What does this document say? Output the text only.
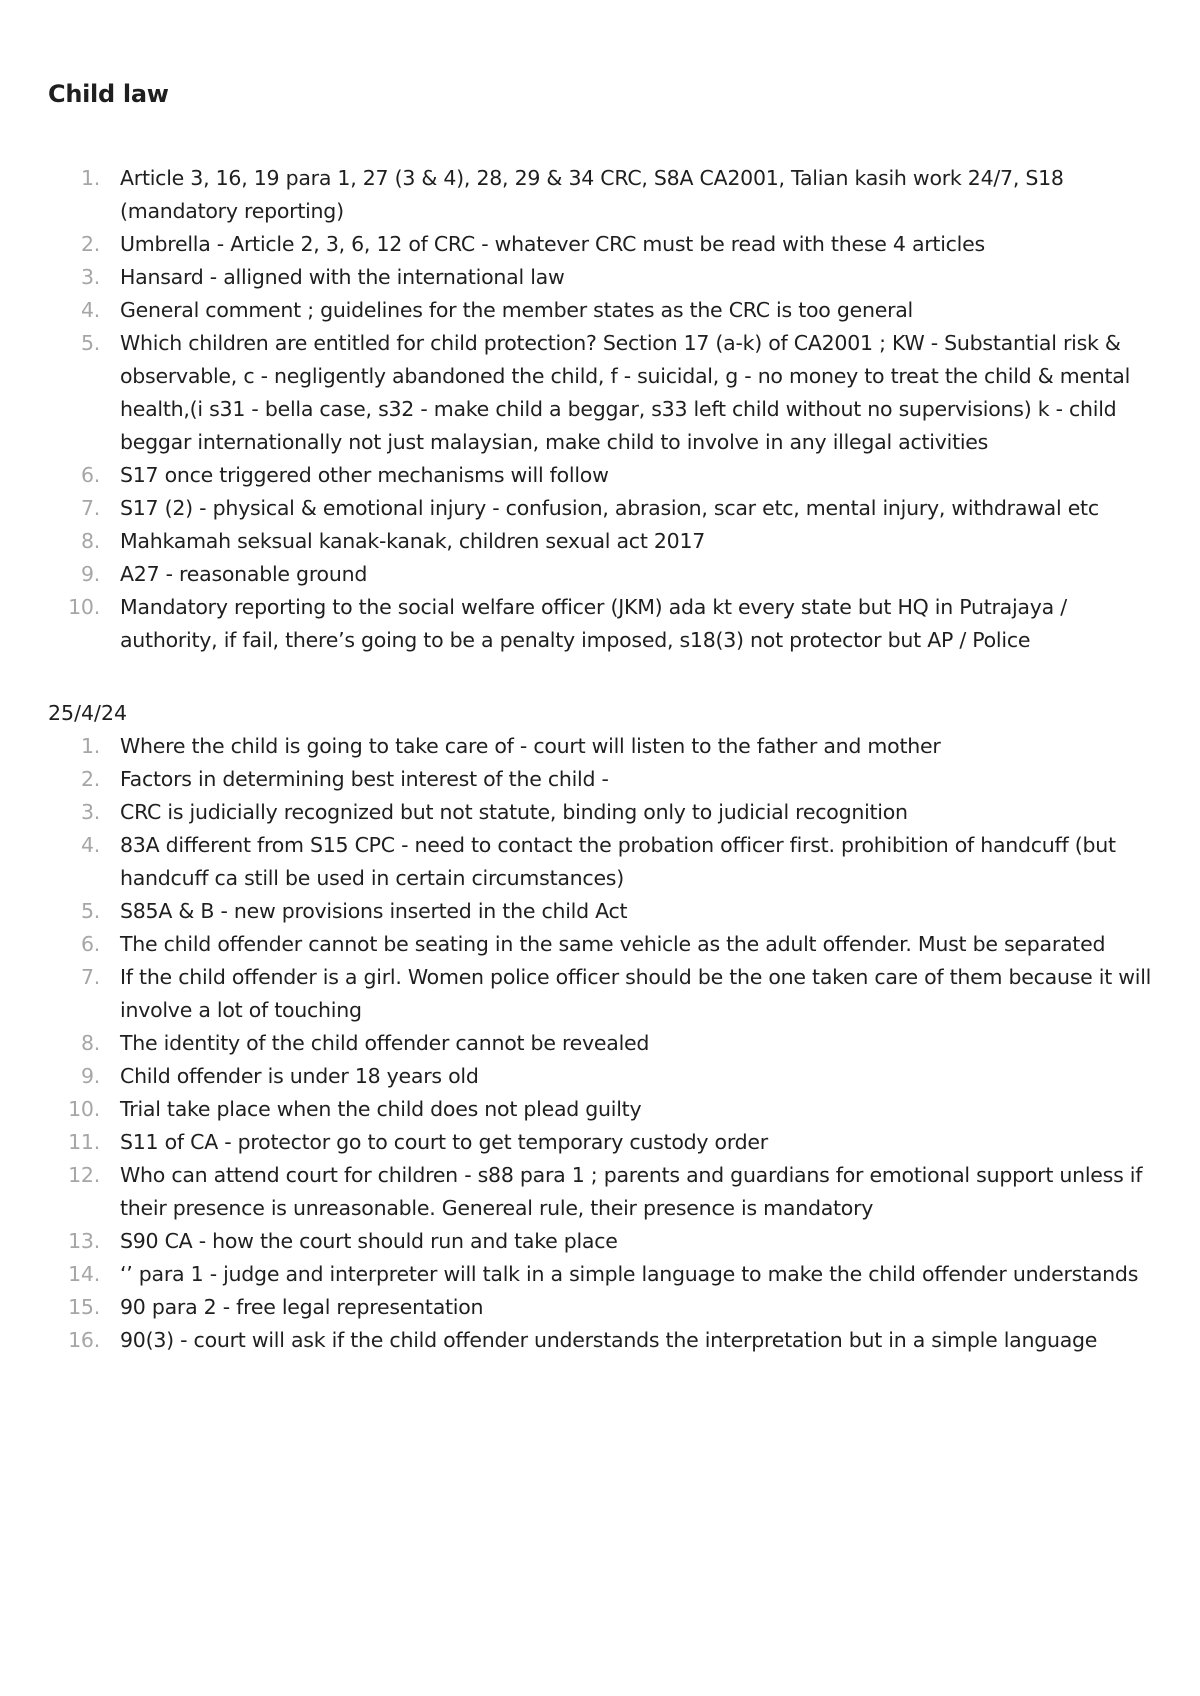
Child law
1. Article 3, 16, 19 para 1, 27 (3 & 4), 28, 29 & 34 CRC, S8A CA2001, Talian kasih work 24/7, S18 (mandatory reporting)
2. Umbrella - Article 2, 3, 6, 12 of CRC - whatever CRC must be read with these 4 articles
3. Hansard - alligned with the international law
4. General comment ; guidelines for the member states as the CRC is too general
5. Which children are entitled for child protection? Section 17 (a-k) of CA2001 ; KW - Substantial risk & observable, c - negligently abandoned the child, f - suicidal, g - no money to treat the child & mental health,(i s31 - bella case, s32 - make child a beggar, s33 left child without no supervisions) k - child beggar internationally not just malaysian, make child to involve in any illegal activities
6. S17 once triggered other mechanisms will follow
7. S17 (2) - physical & emotional injury - confusion, abrasion, scar etc, mental injury, withdrawal etc
8. Mahkamah seksual kanak-kanak, children sexual act 2017
9. A27 - reasonable ground
10. Mandatory reporting to the social welfare officer (JKM) ada kt every state but HQ in Putrajaya / authority, if fail, there’s going to be a penalty imposed, s18(3) not protector but AP / Police
25/4/24
1. Where the child is going to take care of - court will listen to the father and mother
2. Factors in determining best interest of the child -
3. CRC is judicially recognized but not statute, binding only to judicial recognition
4. 83A different from S15 CPC - need to contact the probation officer first. prohibition of handcuff (but handcuff ca still be used in certain circumstances)
5. S85A & B - new provisions inserted in the child Act
6. The child offender cannot be seating in the same vehicle as the adult offender. Must be separated
7. If the child offender is a girl. Women police officer should be the one taken care of them because it will involve a lot of touching
8. The identity of the child offender cannot be revealed
9. Child offender is under 18 years old
10. Trial take place when the child does not plead guilty
11. S11 of CA - protector go to court to get temporary custody order
12. Who can attend court for children - s88 para 1 ; parents and guardians for emotional support unless if their presence is unreasonable. Genereal rule, their presence is mandatory
13. S90 CA - how the court should run and take place
14. ‘’ para 1 - judge and interpreter will talk in a simple language to make the child offender understands
15. 90 para 2 - free legal representation
16. 90(3) - court will ask if the child offender understands the interpretation but in a simple language
